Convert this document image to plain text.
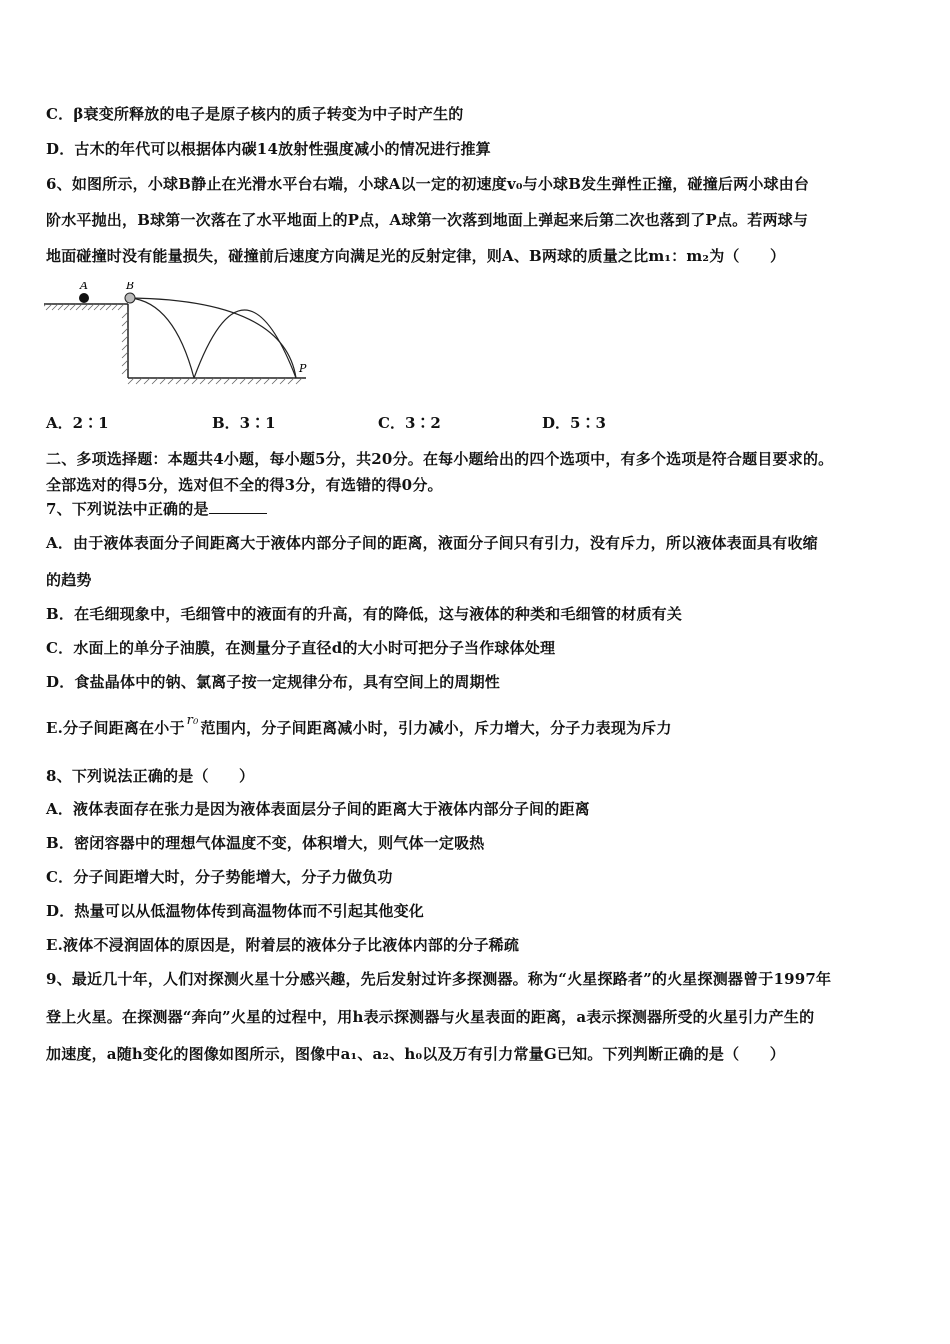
C．β衰变所释放的电子是原子核内的质子转变为中子时产生的
D．古木的年代可以根据体内碳14放射性强度减小的情况进行推算
6、如图所示，小球B静止在光滑水平台右端，小球A以一定的初速度v₀与小球B发生弹性正撞，碰撞后两小球由台
阶水平抛出，B球第一次落在了水平地面上的P点，A球第一次落到地面上弹起来后第二次也落到了P点。若两球与
地面碰撞时没有能量损失，碰撞前后速度方向满足光的反射定律，则A、B两球的质量之比m₁：m₂为（　　）
A	B
P
A．2∶1	B．3∶1	C．3∶2	D．5∶3
二、多项选择题：本题共4小题，每小题5分，共20分。在每小题给出的四个选项中，有多个选项是符合题目要求的。
全部选对的得5分，选对但不全的得3分，有选错的得0分。
7、下列说法中正确的是
A．由于液体表面分子间距离大于液体内部分子间的距离，液面分子间只有引力，没有斥力，所以液体表面具有收缩
的趋势
B．在毛细现象中，毛细管中的液面有的升高，有的降低，这与液体的种类和毛细管的材质有关
C．水面上的单分子油膜，在测量分子直径d的大小时可把分子当作球体处理
D．食盐晶体中的钠、氯离子按一定规律分布，具有空间上的周期性
E.分子间距离在小于 r₀ 范围内，分子间距离减小时，引力减小，斥力增大，分子力表现为斥力
8、下列说法正确的是（　　）
A．液体表面存在张力是因为液体表面层分子间的距离大于液体内部分子间的距离
B．密闭容器中的理想气体温度不变，体积增大，则气体一定吸热
C．分子间距增大时，分子势能增大，分子力做负功
D．热量可以从低温物体传到高温物体而不引起其他变化
E.液体不浸润固体的原因是，附着层的液体分子比液体内部的分子稀疏
9、最近几十年，人们对探测火星十分感兴趣，先后发射过许多探测器。称为“火星探路者”的火星探测器曾于1997年
登上火星。在探测器“奔向”火星的过程中，用h表示探测器与火星表面的距离，a表示探测器所受的火星引力产生的
加速度，a随h变化的图像如图所示，图像中a₁、a₂、h₀以及万有引力常量G已知。下列判断正确的是（　　）
